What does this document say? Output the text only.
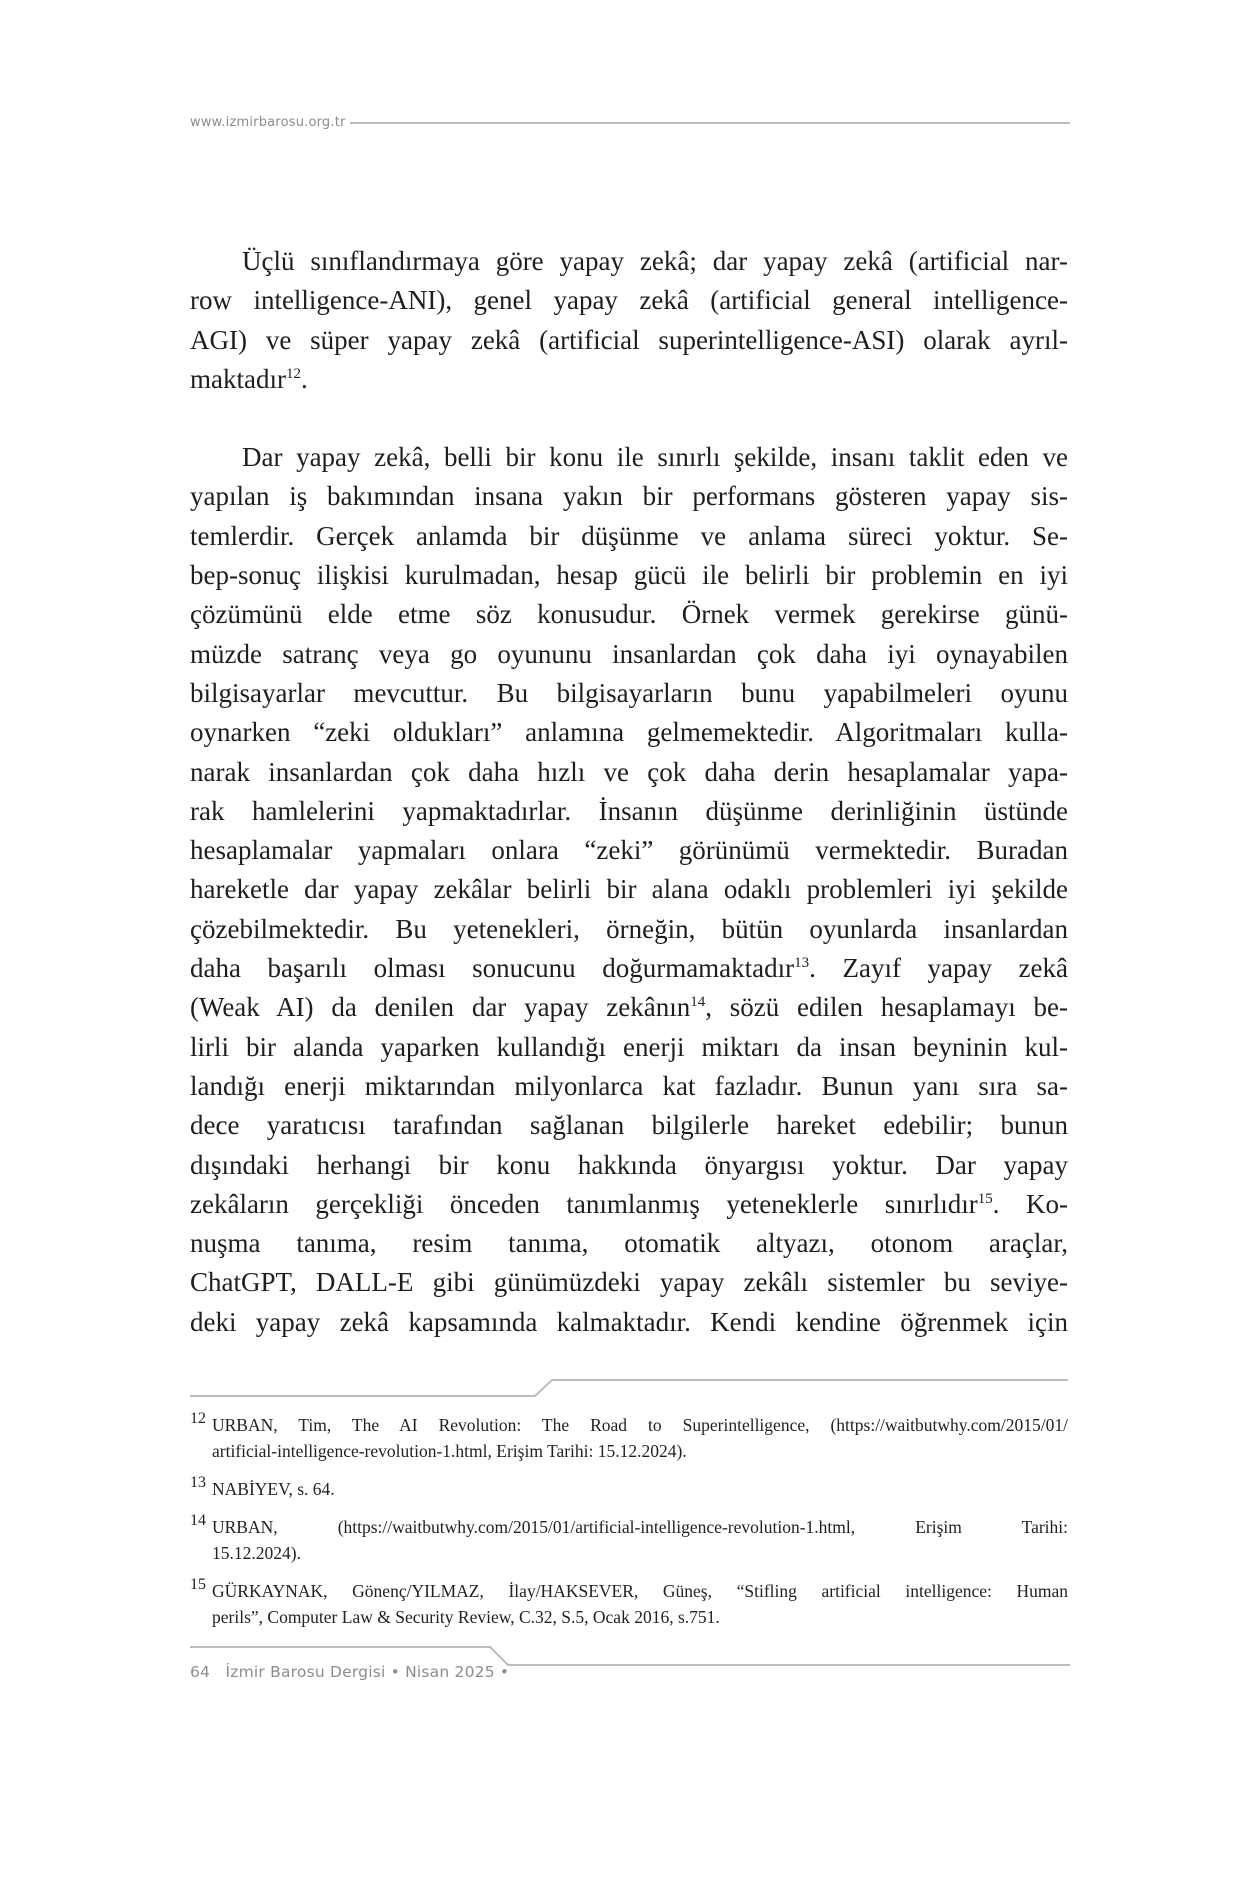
www.izmirbarosu.org.tr

Üçlü sınıflandırmaya göre yapay zekâ; dar yapay zekâ (artificial nar-
row intelligence-ANI), genel yapay zekâ (artificial general intelligence-
AGI) ve süper yapay zekâ (artificial superintelligence-ASI) olarak ayrıl-
maktadır$^{12}$.

Dar yapay zekâ, belli bir konu ile sınırlı şekilde, insanı taklit eden ve
yapılan iş bakımından insana yakın bir performans gösteren yapay sis-
temlerdir. Gerçek anlamda bir düşünme ve anlama süreci yoktur. Se-
bep-sonuç ilişkisi kurulmadan, hesap gücü ile belirli bir problemin en iyi
çözümünü elde etme söz konusudur. Örnek vermek gerekirse günü-
müzde satranç veya go oyununu insanlardan çok daha iyi oynayabilen
bilgisayarlar mevcuttur. Bu bilgisayarların bunu yapabilmeleri oyunu
oynarken “zeki oldukları” anlamına gelmemektedir. Algoritmaları kulla-
narak insanlardan çok daha hızlı ve çok daha derin hesaplamalar yapa-
rak hamlelerini yapmaktadırlar. İnsanın düşünme derinliğinin üstünde
hesaplamalar yapmaları onlara “zeki” görünümü vermektedir. Buradan
hareketle dar yapay zekâlar belirli bir alana odaklı problemleri iyi şekilde
çözebilmektedir. Bu yetenekleri, örneğin, bütün oyunlarda insanlardan
daha başarılı olması sonucunu doğurmamaktadır$^{13}$. Zayıf yapay zekâ
(Weak AI) da denilen dar yapay zekânın$^{14}$, sözü edilen hesaplamayı be-
lirli bir alanda yaparken kullandığı enerji miktarı da insan beyninin kul-
landığı enerji miktarından milyonlarca kat fazladır. Bunun yanı sıra sa-
dece yaratıcısı tarafından sağlanan bilgilerle hareket edebilir; bunun
dışındaki herhangi bir konu hakkında önyargısı yoktur. Dar yapay
zekâların gerçekliği önceden tanımlanmış yeteneklerle sınırlıdır$^{15}$. Ko-
nuşma tanıma, resim tanıma, otomatik altyazı, otonom araçlar,
ChatGPT, DALL-E gibi günümüzdeki yapay zekâlı sistemler bu seviye-
deki yapay zekâ kapsamında kalmaktadır. Kendi kendine öğrenmek için

12 URBAN, Tim, The AI Revolution: The Road to Superintelligence, (https://waitbutwhy.com/2015/01/
artificial-intelligence-revolution-1.html, Erişim Tarihi: 15.12.2024).
13 NABİYEV, s. 64.
14 URBAN, (https://waitbutwhy.com/2015/01/artificial-intelligence-revolution-1.html, Erişim Tarihi:
15.12.2024).
15 GÜRKAYNAK, Gönenç/YILMAZ, İlay/HAKSEVER, Güneş, “Stifling artificial intelligence: Human
perils”, Computer Law & Security Review, C.32, S.5, Ocak 2016, s.751.
64   İzmir Barosu Dergisi • Nisan 2025 •
